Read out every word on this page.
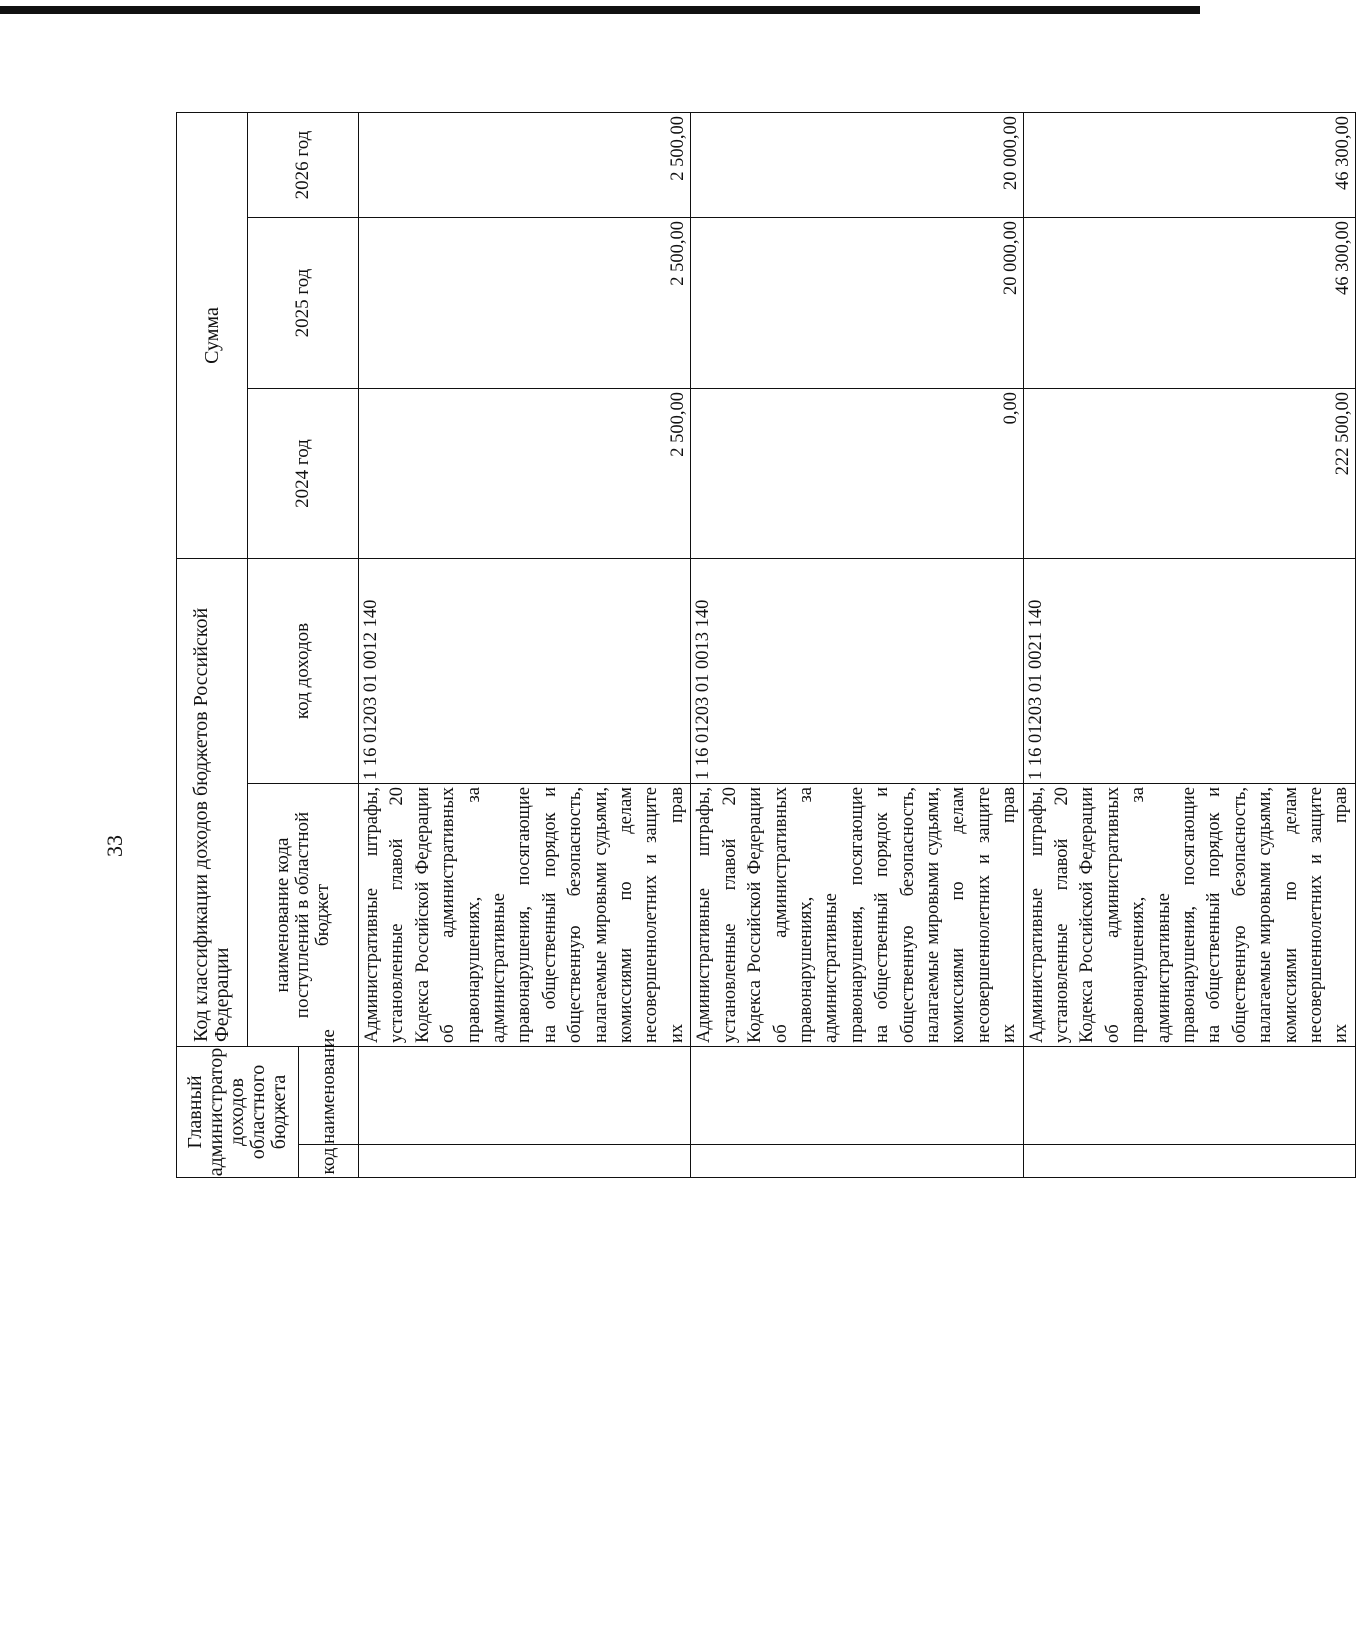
33
Главный администратор доходов областного бюджета		Код классификации доходов бюджетов Российской Федерации		Сумма		
		наименование кода поступлений в областной бюджет	код доходов	2024 год	2025 год	2026 год
код	наименование					
		Административные штрафы, установленные главой 20 Кодекса Российской Федерации об административных правонарушениях, за административные правонарушения, посягающие на общественный порядок и общественную безопасность, налагаемые мировыми судьями, комиссиями по делам несовершеннолетних и защите их прав	1 16 01203 01 0012 140	2 500,00	2 500,00	2 500,00

		Административные штрафы, установленные главой 20 Кодекса Российской Федерации об административных правонарушениях, за административные правонарушения, посягающие на общественный порядок и общественную безопасность, налагаемые мировыми судьями, комиссиями по делам несовершеннолетних и защите их прав	1 16 01203 01 0013 140	0,00	20 000,00	20 000,00

		Административные штрафы, установленные главой 20 Кодекса Российской Федерации об административных правонарушениях, за административные правонарушения, посягающие на общественный порядок и общественную безопасность, налагаемые мировыми судьями, комиссиями по делам несовершеннолетних и защите их прав	1 16 01203 01 0021 140	222 500,00	46 300,00	46 300,00
